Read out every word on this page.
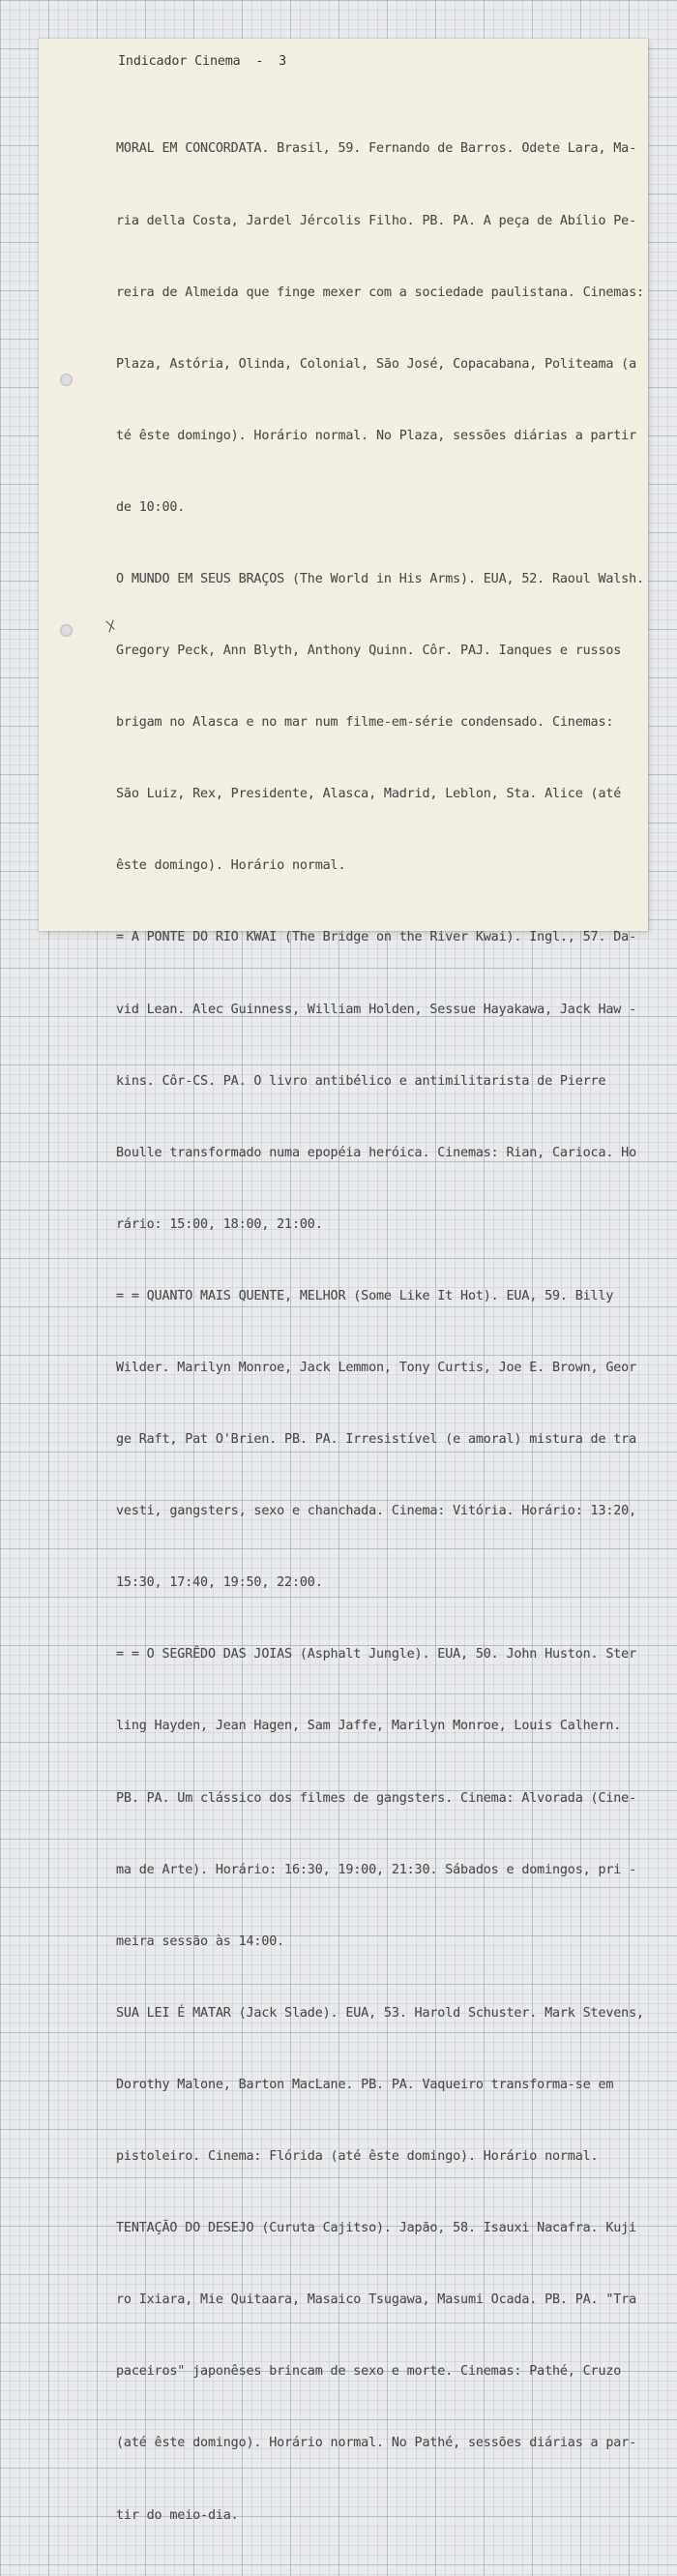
Indicador Cinema  -  3

MORAL EM CONCORDATA. Brasil, 59. Fernando de Barros. Odete Lara, Ma-

ria della Costa, Jardel Jércolis Filho. PB. PA. A peça de Abílio Pe-

reira de Almeida que finge mexer com a sociedade paulistana. Cinemas:

Plaza, Astória, Olinda, Colonial, São José, Copacabana, Politeama (a

té êste domingo). Horário normal. No Plaza, sessões diárias a partir

de 10:00.

O MUNDO EM SEUS BRAÇOS (The World in His Arms). EUA, 52. Raoul Walsh.

Gregory Peck, Ann Blyth, Anthony Quinn. Côr. PAJ. Ianques e russos

brigam no Alasca e no mar num filme-em-série condensado. Cinemas:

São Luiz, Rex, Presidente, Alasca, Madrid, Leblon, Sta. Alice (até

êste domingo). Horário normal.

= A PONTE DO RIO KWAI (The Bridge on the River Kwai). Ingl., 57. Da-

vid Lean. Alec Guinness, William Holden, Sessue Hayakawa, Jack Haw -

kins. Côr-CS. PA. O livro antibélico e antimilitarista de Pierre

Boulle transformado numa epopéia heróica. Cinemas: Rian, Carioca. Ho

rário: 15:00, 18:00, 21:00.

= = QUANTO MAIS QUENTE, MELHOR (Some Like It Hot). EUA, 59. Billy

Wilder. Marilyn Monroe, Jack Lemmon, Tony Curtis, Joe E. Brown, Geor

ge Raft, Pat O'Brien. PB. PA. Irresistível (e amoral) mistura de tra

vesti, gangsters, sexo e chanchada. Cinema: Vitória. Horário: 13:20,

15:30, 17:40, 19:50, 22:00.

= = O SEGRÊDO DAS JOIAS (Asphalt Jungle). EUA, 50. John Huston. Ster

ling Hayden, Jean Hagen, Sam Jaffe, Marilyn Monroe, Louis Calhern.

PB. PA. Um clássico dos filmes de gangsters. Cinema: Alvorada (Cine-

ma de Arte). Horário: 16:30, 19:00, 21:30. Sábados e domingos, pri -

meira sessão às 14:00.

SUA LEI É MATAR (Jack Slade). EUA, 53. Harold Schuster. Mark Stevens,

Dorothy Malone, Barton MacLane. PB. PA. Vaqueiro transforma-se em

pistoleiro. Cinema: Flórida (até êste domingo). Horário normal.

TENTAÇÃO DO DESEJO (Curuta Cajitso). Japão, 58. Isauxi Nacafra. Kuji

ro Ixiara, Mie Quitaara, Masaico Tsugawa, Masumi Ocada. PB. PA. "Tra

paceiros" japonêses brincam de sexo e morte. Cinemas: Pathé, Cruzo

(até êste domingo). Horário normal. No Pathé, sessões diárias a par-

tir do meio-dia.
